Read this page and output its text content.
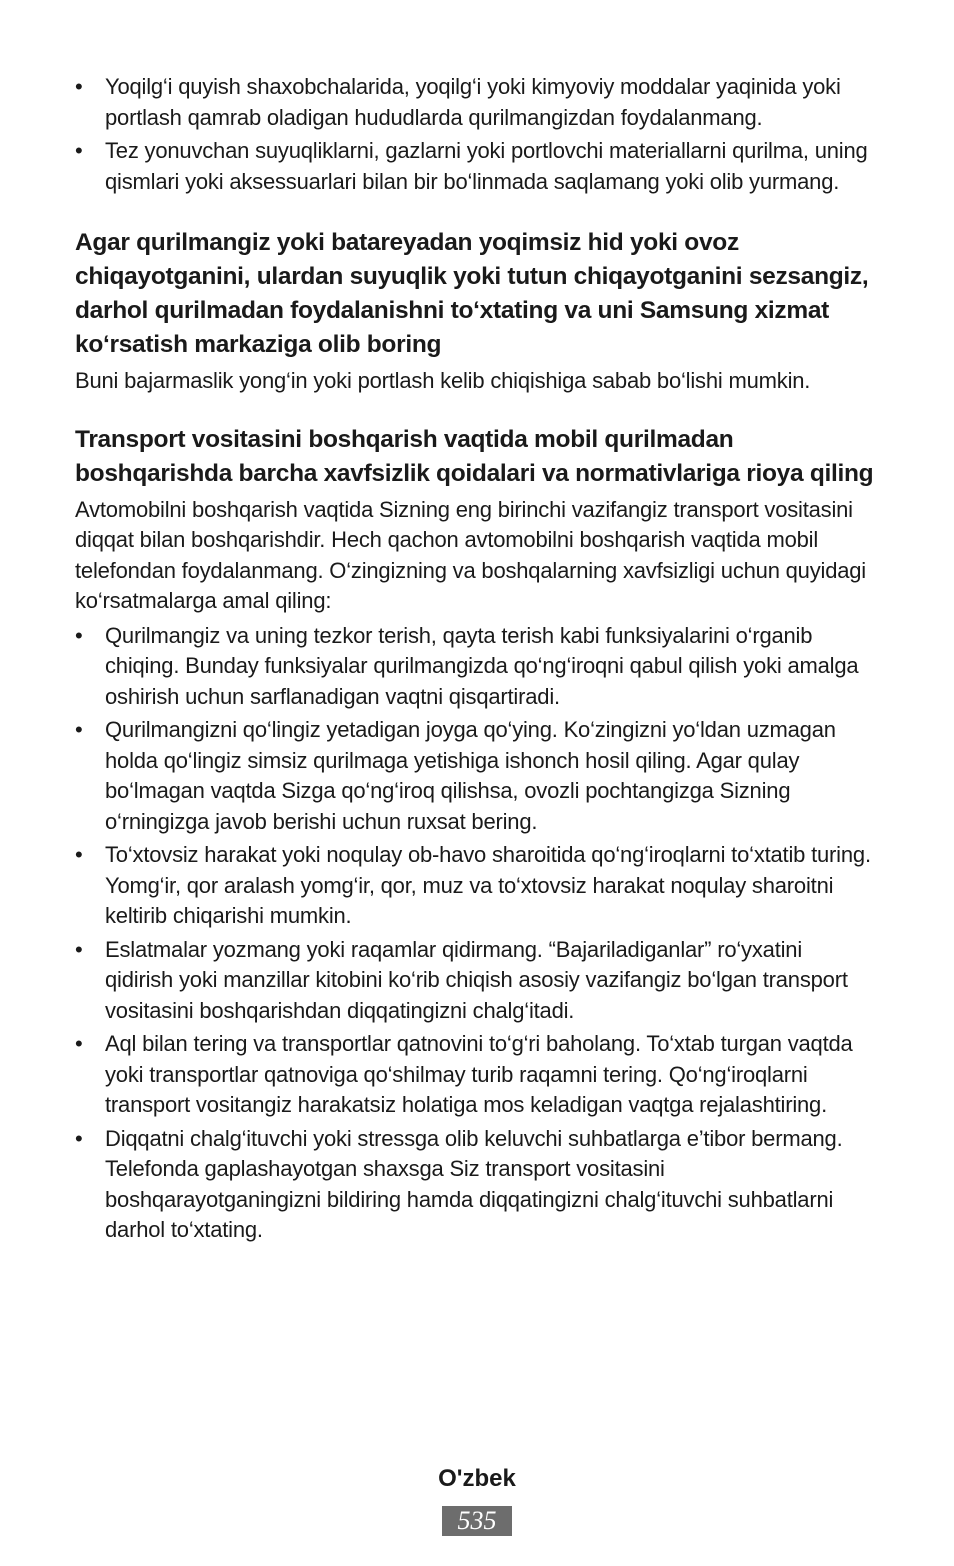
•	Yoqilg‘i quyish shaxobchalarida, yoqilg‘i yoki kimyoviy moddalar yaqinida yoki portlash qamrab oladigan hududlarda qurilmangizdan foydalanmang.
•	Tez yonuvchan suyuqliklarni, gazlarni yoki portlovchi materiallarni qurilma, uning qismlari yoki aksessuarlari bilan bir bo‘linmada saqlamang yoki olib yurmang.
Agar qurilmangiz yoki batareyadan yoqimsiz hid yoki ovoz chiqayotganini, ulardan suyuqlik yoki tutun chiqayotganini sezsangiz, darhol qurilmadan foydalanishni to‘xtating va uni Samsung xizmat ko‘rsatish markaziga olib boring

Buni bajarmaslik yong‘in yoki portlash kelib chiqishiga sabab bo‘lishi mumkin.

Transport vositasini boshqarish vaqtida mobil qurilmadan boshqarishda barcha xavfsizlik qoidalari va normativlariga rioya qiling

Avtomobilni boshqarish vaqtida Sizning eng birinchi vazifangiz transport vositasini diqqat bilan boshqarishdir. Hech qachon avtomobilni boshqarish vaqtida mobil telefondan foydalanmang. O‘zingizning va boshqalarning xavfsizligi uchun quyidagi ko‘rsatmalarga amal qiling:

•	Qurilmangiz va uning tezkor terish, qayta terish kabi funksiyalarini o‘rganib chiqing. Bunday funksiyalar qurilmangizda qo‘ng‘iroqni qabul qilish yoki amalga oshirish uchun sarflanadigan vaqtni qisqartiradi.
•	Qurilmangizni qo‘lingiz yetadigan joyga qo‘ying. Ko‘zingizni yo‘ldan uzmagan holda qo‘lingiz simsiz qurilmaga yetishiga ishonch hosil qiling. Agar qulay bo‘lmagan vaqtda Sizga qo‘ng‘iroq qilishsa, ovozli pochtangizga Sizning o‘rningizga javob berishi uchun ruxsat bering.
•	To‘xtovsiz harakat yoki noqulay ob-havo sharoitida qo‘ng‘iroqlarni to‘xtatib turing. Yomg‘ir, qor aralash yomg‘ir, qor, muz va to‘xtovsiz harakat noqulay sharoitni keltirib chiqarishi mumkin.
•	Eslatmalar yozmang yoki raqamlar qidirmang. “Bajariladiganlar” ro‘yxatini qidirish yoki manzillar kitobini ko‘rib chiqish asosiy vazifangiz bo‘lgan transport vositasini boshqarishdan diqqatingizni chalg‘itadi.
•	Aql bilan tering va transportlar qatnovini to‘g‘ri baholang. To‘xtab turgan vaqtda yoki transportlar qatnoviga qo‘shilmay turib raqamni tering. Qo‘ng‘iroqlarni transport vositangiz harakatsiz holatiga mos keladigan vaqtga rejalashtiring.
•	Diqqatni chalg‘ituvchi yoki stressga olib keluvchi suhbatlarga e’tibor bermang. Telefonda gaplashayotgan shaxsga Siz transport vositasini boshqarayotganingizni bildiring hamda diqqatingizni chalg‘ituvchi suhbatlarni darhol to‘xtating.
O'zbek
535
